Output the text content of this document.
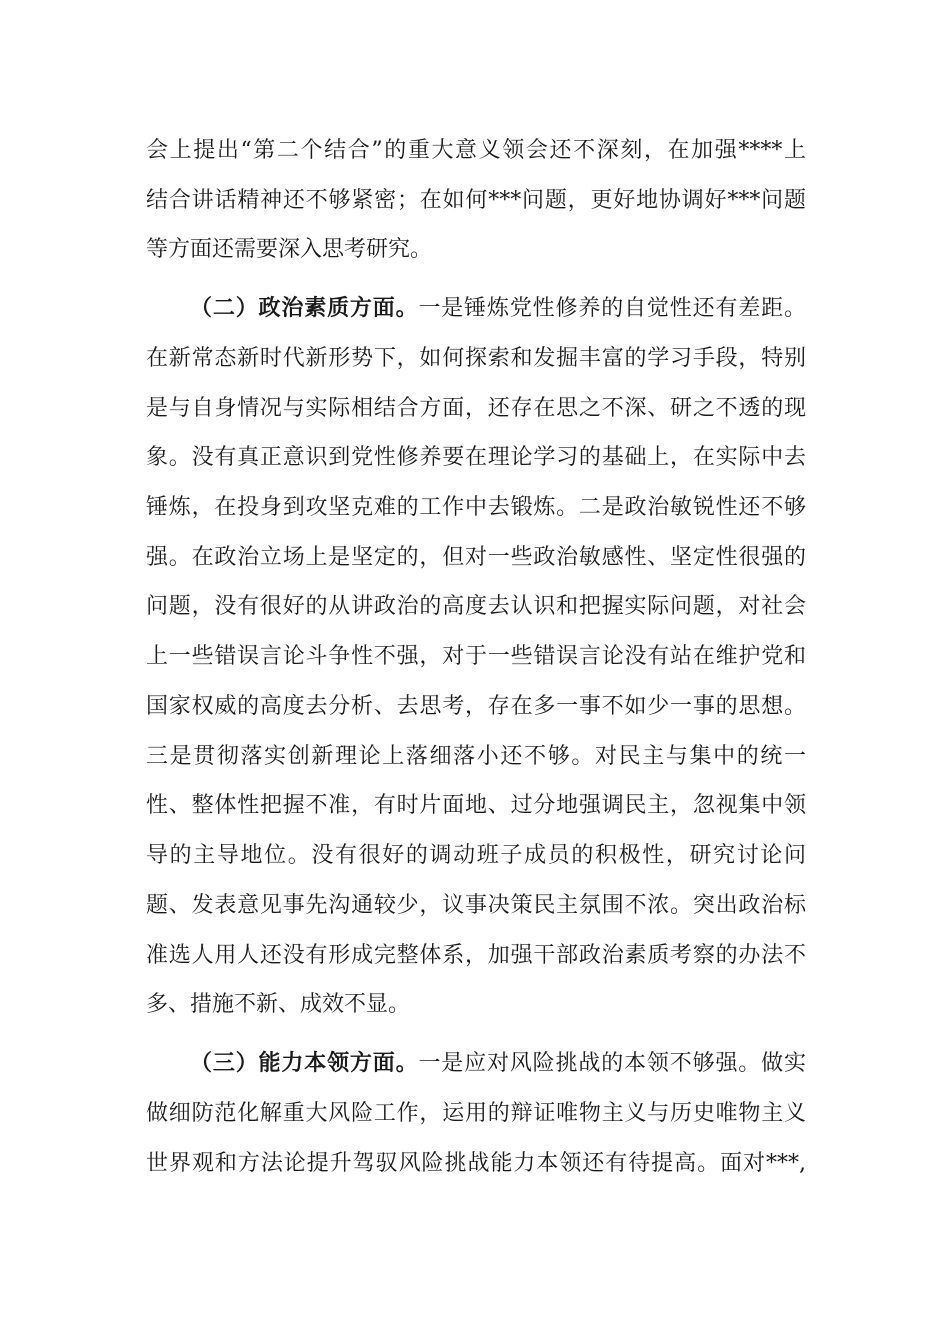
会上提出“第二个结合”的重大意义领会还不深刻，在加强****上
结合讲话精神还不够紧密；在如何***问题，更好地协调好***问题
等方面还需要深入思考研究。
（二）政治素质方面。一是锤炼党性修养的自觉性还有差距。
在新常态新时代新形势下，如何探索和发掘丰富的学习手段，特别
是与自身情况与实际相结合方面，还存在思之不深、研之不透的现
象。没有真正意识到党性修养要在理论学习的基础上，在实际中去
锤炼，在投身到攻坚克难的工作中去锻炼。二是政治敏锐性还不够
强。在政治立场上是坚定的，但对一些政治敏感性、坚定性很强的
问题，没有很好的从讲政治的高度去认识和把握实际问题，对社会
上一些错误言论斗争性不强，对于一些错误言论没有站在维护党和
国家权威的高度去分析、去思考，存在多一事不如少一事的思想。
三是贯彻落实创新理论上落细落小还不够。对民主与集中的统一
性、整体性把握不准，有时片面地、过分地强调民主，忽视集中领
导的主导地位。没有很好的调动班子成员的积极性，研究讨论问
题、发表意见事先沟通较少，议事决策民主氛围不浓。突出政治标
准选人用人还没有形成完整体系，加强干部政治素质考察的办法不
多、措施不新、成效不显。
（三）能力本领方面。一是应对风险挑战的本领不够强。做实
做细防范化解重大风险工作，运用的辩证唯物主义与历史唯物主义
世界观和方法论提升驾驭风险挑战能力本领还有待提高。面对***,
